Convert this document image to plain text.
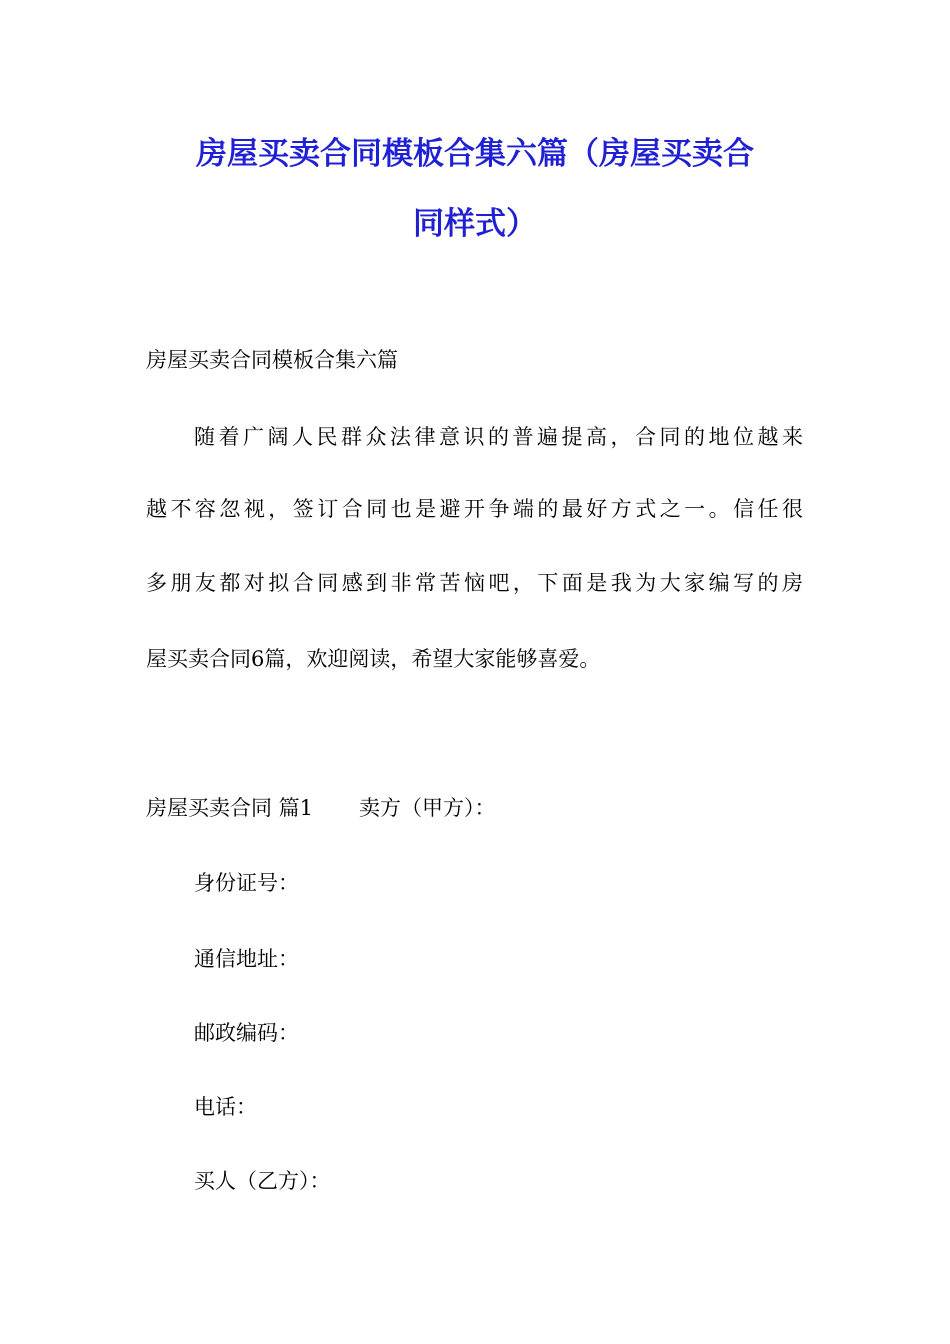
房屋买卖合同模板合集六篇（房屋买卖合
同样式）
房屋买卖合同模板合集六篇
随着广阔人民群众法律意识的普遍提高，合同的地位越来
越不容忽视，签订合同也是避开争端的最好方式之一。信任很
多朋友都对拟合同感到非常苦恼吧，下面是我为大家编写的房
屋买卖合同6篇，欢迎阅读，希望大家能够喜爱。
房屋买卖合同 篇1 卖方（甲方）：
身份证号：
通信地址：
邮政编码：
电话：
买人（乙方）：
